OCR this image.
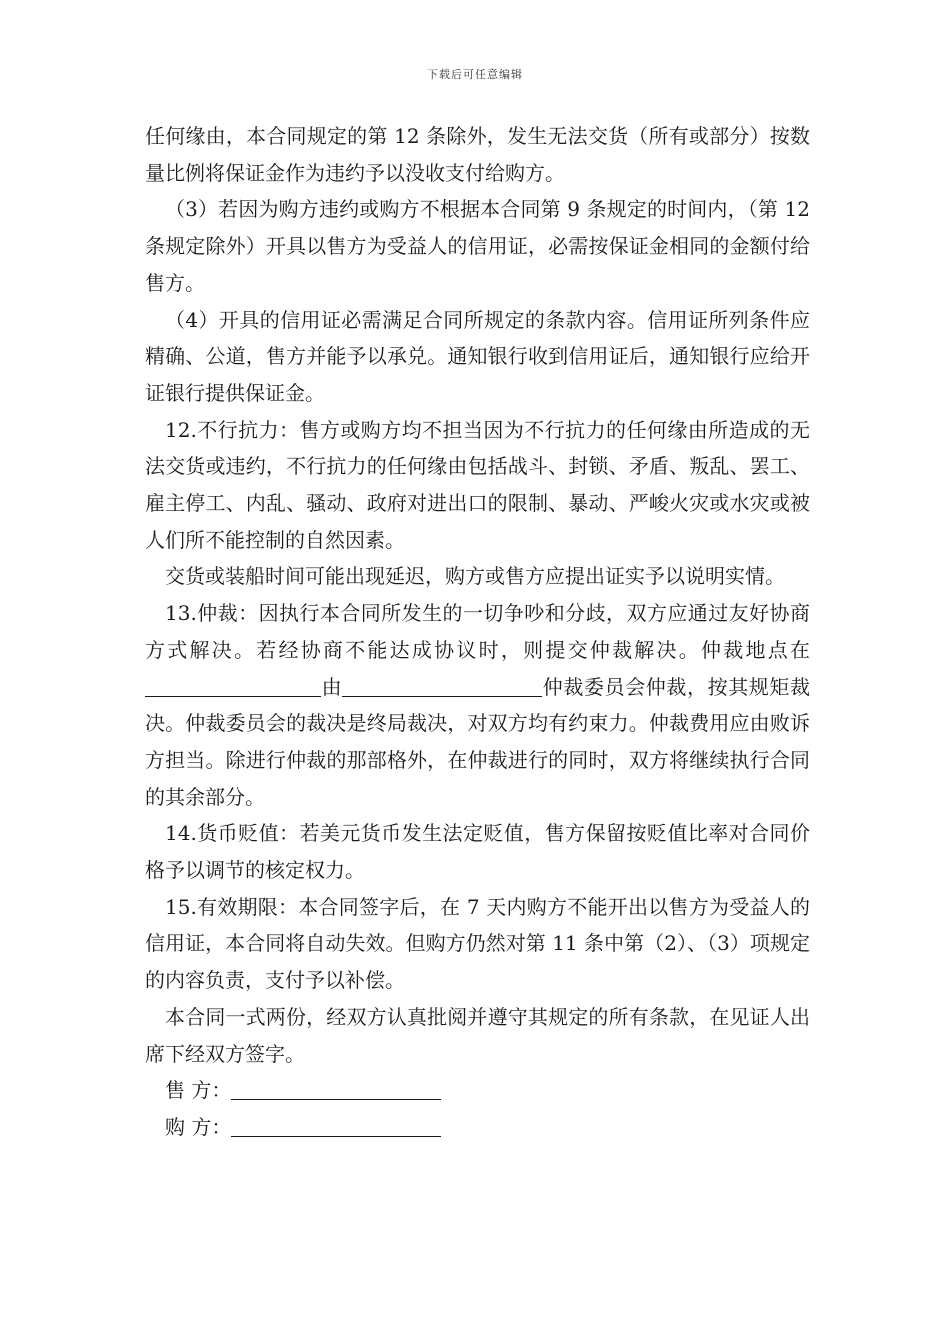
下载后可任意编辑

任何缘由，本合同规定的第 12 条除外，发生无法交货（所有或部分）按数量比例将保证金作为违约予以没收支付给购方。

（3）若因为购方违约或购方不根据本合同第 9 条规定的时间内，（第 12 条规定除外）开具以售方为受益人的信用证，必需按保证金相同的金额付给售方。

（4）开具的信用证必需满足合同所规定的条款内容。信用证所列条件应精确、公道，售方并能予以承兑。通知银行收到信用证后，通知银行应给开证银行提供保证金。

12.不行抗力：售方或购方均不担当因为不行抗力的任何缘由所造成的无法交货或违约，不行抗力的任何缘由包括战斗、封锁、矛盾、叛乱、罢工、雇主停工、内乱、骚动、政府对进出口的限制、暴动、严峻火灾或水灾或被人们所不能控制的自然因素。

交货或装船时间可能出现延迟，购方或售方应提出证实予以说明实情。

13.仲裁：因执行本合同所发生的一切争吵和分歧，双方应通过友好协商方式解决。若经协商不能达成协议时，则提交仲裁解决。仲裁地点在由	仲裁委员会仲裁，按其规矩裁决。仲裁委员会的裁决是终局裁决，对双方均有约束力。仲裁费用应由败诉方担当。除进行仲裁的那部格外，在仲裁进行的同时，双方将继续执行合同的其余部分。

14.货币贬值：若美元货币发生法定贬值，售方保留按贬值比率对合同价格予以调节的核定权力。

15.有效期限：本合同签字后，在 7 天内购方不能开出以售方为受益人的信用证，本合同将自动失效。但购方仍然对第 11 条中第（2）、（3）项规定的内容负责，支付予以补偿。

本合同一式两份，经双方认真批阅并遵守其规定的所有条款，在见证人出席下经双方签字。

售 方：
购 方：
